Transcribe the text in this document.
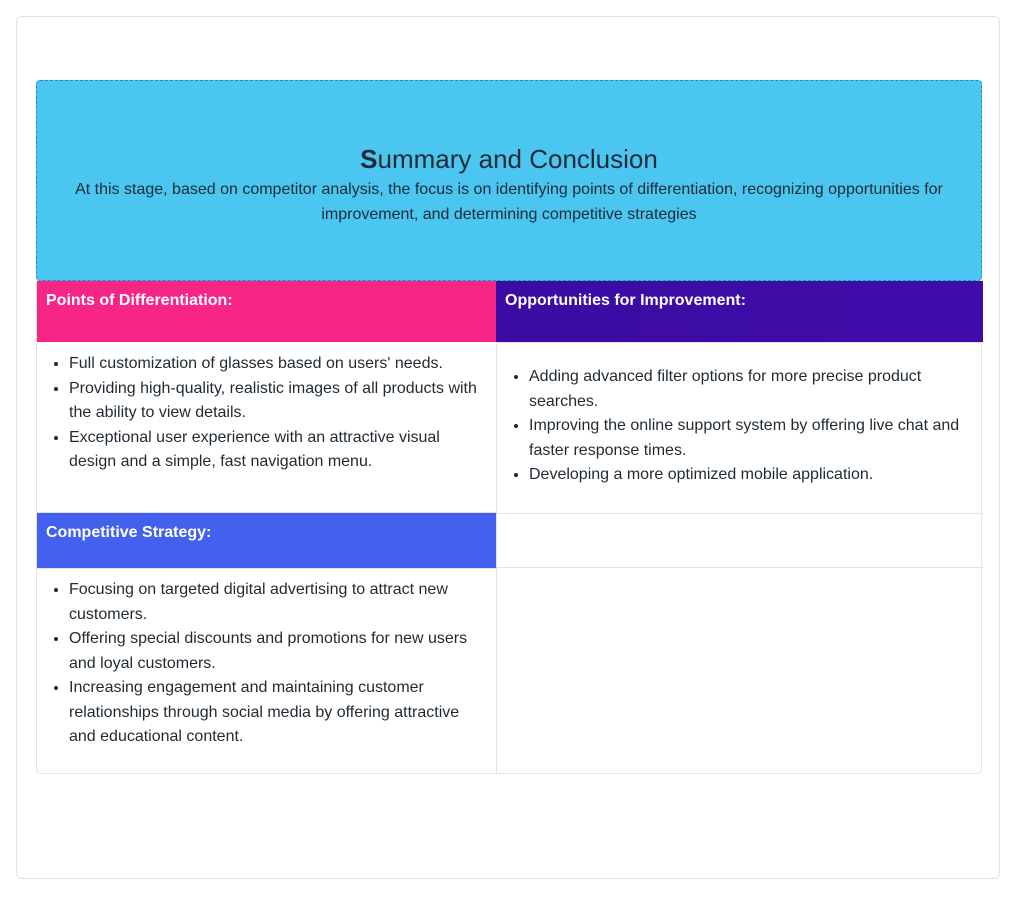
Summary and Conclusion

At this stage, based on competitor analysis, the focus is on identifying points of differentiation, recognizing opportunities for improvement, and determining competitive strategies

Points of Differentiation:	Opportunities for Improvement:
• Full customization of glasses based on users' needs.
• Providing high-quality, realistic images of all products with the ability to view details.
• Exceptional user experience with an attractive visual design and a simple, fast navigation menu.
• Adding advanced filter options for more precise product searches.
• Improving the online support system by offering live chat and faster response times.
• Developing a more optimized mobile application.
Competitive Strategy:
• Focusing on targeted digital advertising to attract new customers.
• Offering special discounts and promotions for new users and loyal customers.
• Increasing engagement and maintaining customer relationships through social media by offering attractive and educational content.
